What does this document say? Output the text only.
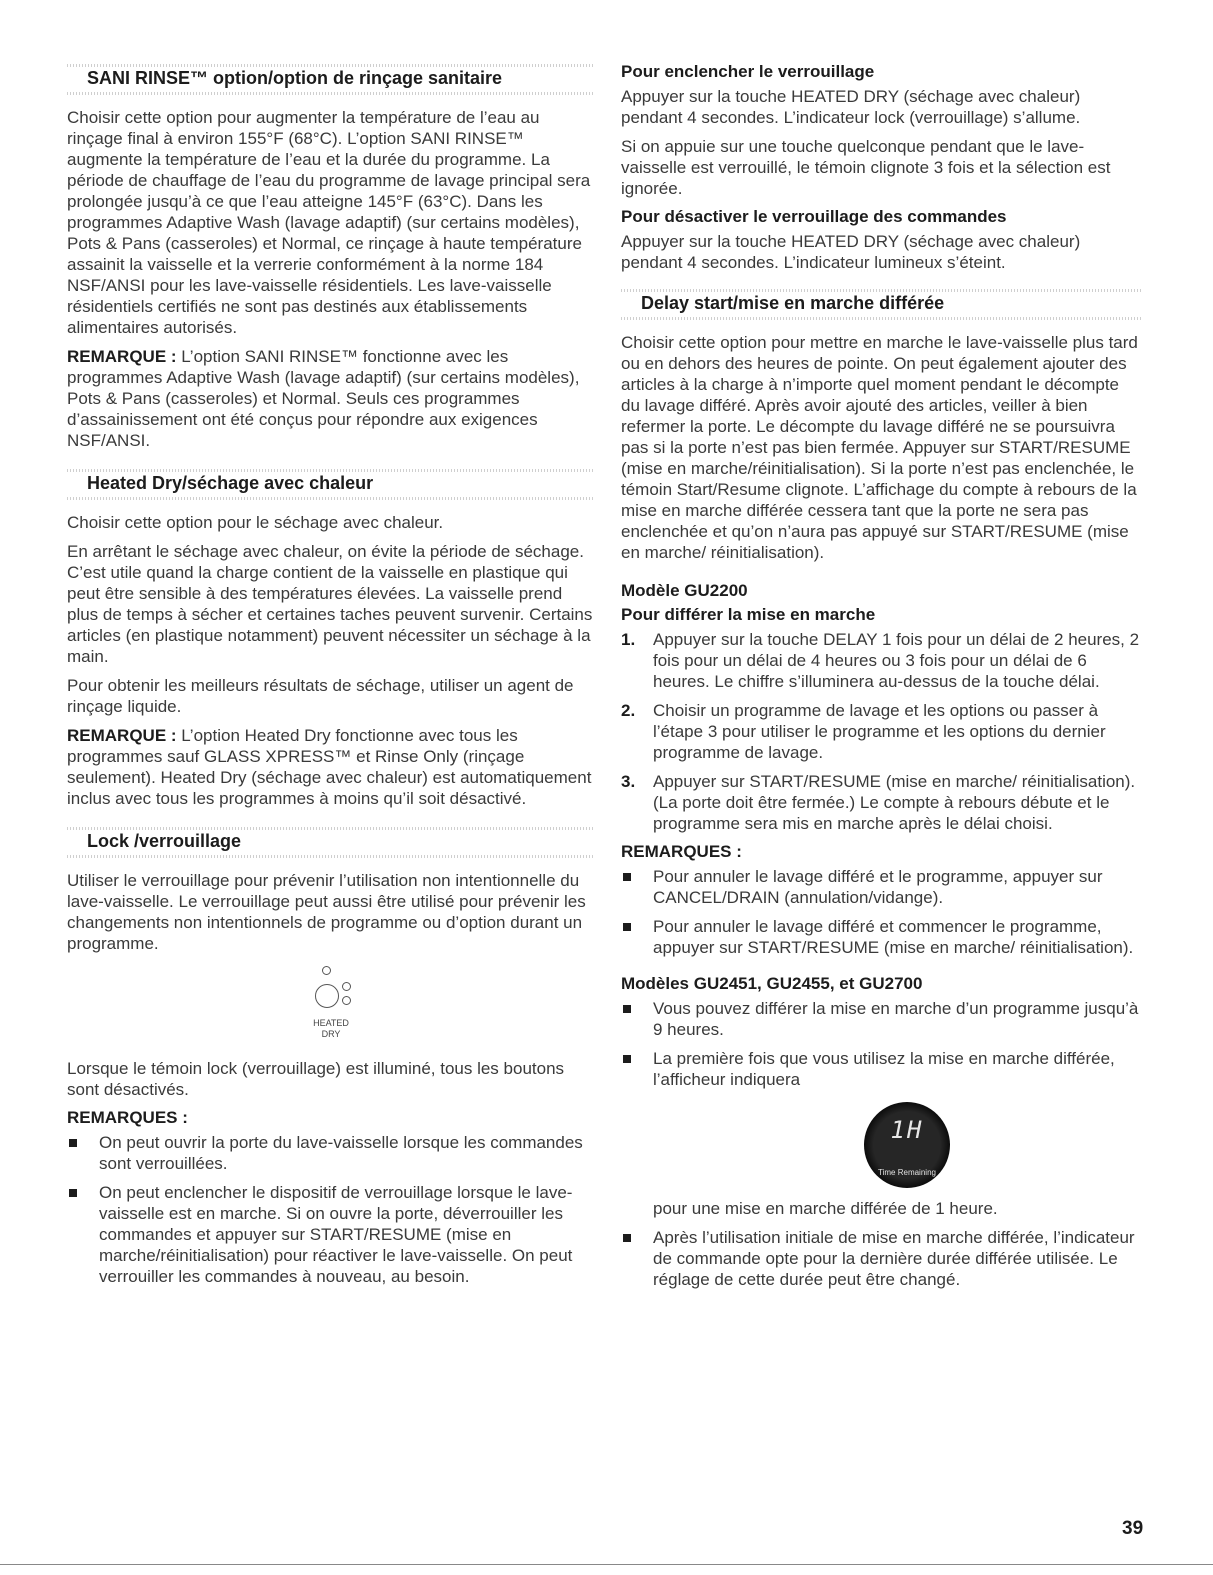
SANI RINSE™ option/option de rinçage sanitaire

Choisir cette option pour augmenter la température de l’eau au rinçage final à environ 155°F (68°C). L’option SANI RINSE™ augmente la température de l’eau et la durée du programme. La période de chauffage de l’eau du programme de lavage principal sera prolongée jusqu’à ce que l’eau atteigne 145°F (63°C). Dans les programmes Adaptive Wash (lavage adaptif) (sur certains modèles), Pots & Pans (casseroles) et Normal, ce rinçage à haute température assainit la vaisselle et la verrerie conformément à la norme 184 NSF/ANSI pour les lave-vaisselle résidentiels. Les lave-vaisselle résidentiels certifiés ne sont pas destinés aux établissements alimentaires autorisés.

REMARQUE : L’option SANI RINSE™ fonctionne avec les programmes Adaptive Wash (lavage adaptif) (sur certains modèles), Pots & Pans (casseroles) et Normal. Seuls ces programmes d’assainissement ont été conçus pour répondre aux exigences NSF/ANSI.

Heated Dry/séchage avec chaleur

Choisir cette option pour le séchage avec chaleur.

En arrêtant le séchage avec chaleur, on évite la période de séchage. C’est utile quand la charge contient de la vaisselle en plastique qui peut être sensible à des températures élevées. La vaisselle prend plus de temps à sécher et certaines taches peuvent survenir. Certains articles (en plastique notamment) peuvent nécessiter un séchage à la main.

Pour obtenir les meilleurs résultats de séchage, utiliser un agent de rinçage liquide.

REMARQUE : L’option Heated Dry fonctionne avec tous les programmes sauf GLASS XPRESS™ et Rinse Only (rinçage seulement). Heated Dry (séchage avec chaleur) est automatiquement inclus avec tous les programmes à moins qu’il soit désactivé.

Lock /verrouillage

Utiliser le verrouillage pour prévenir l’utilisation non intentionnelle du lave-vaisselle. Le verrouillage peut aussi être utilisé pour prévenir les changements non intentionnels de programme ou d’option durant un programme.

HEATED
DRY

Lorsque le témoin lock (verrouillage) est illuminé, tous les boutons sont désactivés.

REMARQUES :
On peut ouvrir la porte du lave-vaisselle lorsque les commandes sont verrouillées.
On peut enclencher le dispositif de verrouillage lorsque le lave-vaisselle est en marche. Si on ouvre la porte, déverrouiller les commandes et appuyer sur START/RESUME (mise en marche/réinitialisation) pour réactiver le lave-vaisselle. On peut verrouiller les commandes à nouveau, au besoin.
Pour enclencher le verrouillage

Appuyer sur la touche HEATED DRY (séchage avec chaleur) pendant 4 secondes. L’indicateur lock (verrouillage) s’allume.

Si on appuie sur une touche quelconque pendant que le lave-vaisselle est verrouillé, le témoin clignote 3 fois et la sélection est ignorée.

Pour désactiver le verrouillage des commandes

Appuyer sur la touche HEATED DRY (séchage avec chaleur) pendant 4 secondes. L’indicateur lumineux s’éteint.

Delay start/mise en marche différée

Choisir cette option pour mettre en marche le lave-vaisselle plus tard ou en dehors des heures de pointe. On peut également ajouter des articles à la charge à n’importe quel moment pendant le décompte du lavage différé. Après avoir ajouté des articles, veiller à bien refermer la porte. Le décompte du lavage différé ne se poursuivra pas si la porte n’est pas bien fermée. Appuyer sur START/RESUME (mise en marche/réinitialisation). Si la porte n’est pas enclenchée, le témoin Start/Resume clignote. L’affichage du compte à rebours de la mise en marche différée cessera tant que la porte ne sera pas enclenchée et qu’on n’aura pas appuyé sur START/RESUME (mise en marche/ réinitialisation).

Modèle GU2200
Pour différer la mise en marche
1. Appuyer sur la touche DELAY 1 fois pour un délai de 2 heures, 2 fois pour un délai de 4 heures ou 3 fois pour un délai de 6 heures. Le chiffre s’illuminera au-dessus de la touche délai.
2. Choisir un programme de lavage et les options ou passer à l’étape 3 pour utiliser le programme et les options du dernier programme de lavage.
3. Appuyer sur START/RESUME (mise en marche/ réinitialisation). (La porte doit être fermée.) Le compte à rebours débute et le programme sera mis en marche après le délai choisi.
REMARQUES :
Pour annuler le lavage différé et le programme, appuyer sur CANCEL/DRAIN (annulation/vidange).
Pour annuler le lavage différé et commencer le programme, appuyer sur START/RESUME (mise en marche/ réinitialisation).
Modèles GU2451, GU2455, et GU2700
Vous pouvez différer la mise en marche d’un programme jusqu’à 9 heures.
La première fois que vous utilisez la mise en marche différée, l’afficheur indiquera
1H
Time Remaining
pour une mise en marche différée de 1 heure.
Après l’utilisation initiale de mise en marche différée, l’indicateur de commande opte pour la dernière durée différée utilisée. Le réglage de cette durée peut être changé.
39
